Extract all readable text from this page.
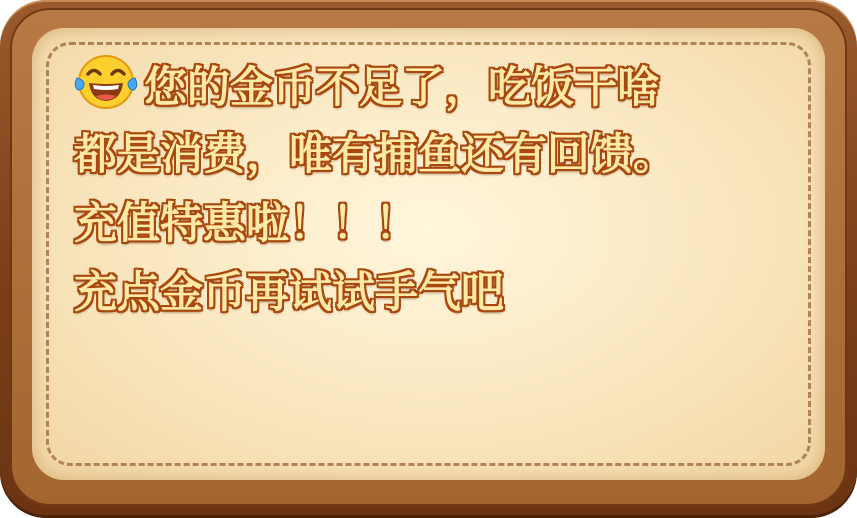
您的金币不足了，吃饭干啥
都是消费，唯有捕鱼还有回馈。
充值特惠啦！！！
充点金币再试试手气吧
